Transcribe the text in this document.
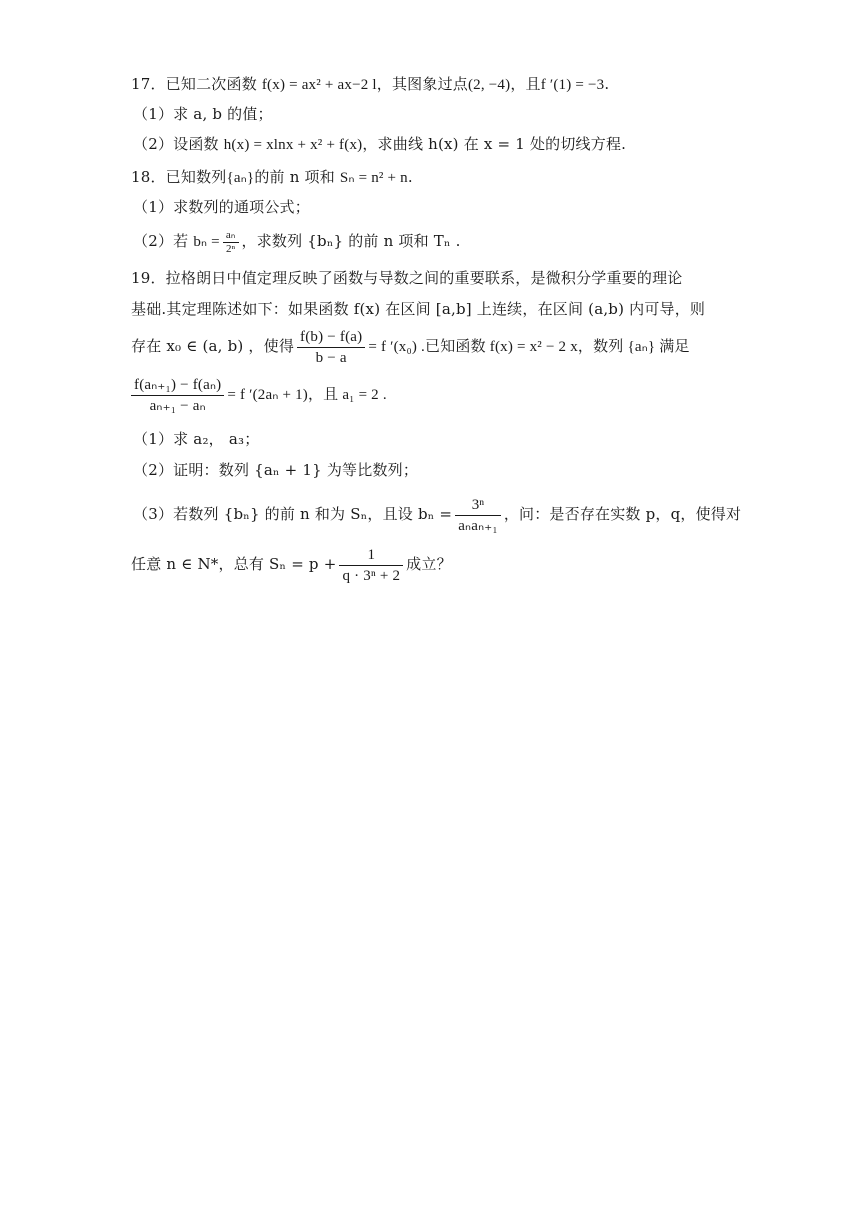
17．已知二次函数 f(x) = ax² + ax−2 l，其图象过点(2, −4)，且f ′(1) = −3.
（1）求 a, b 的值；
（2）设函数 h(x) = xlnx + x² + f(x)，求曲线 h(x) 在 x = 1 处的切线方程.
18．已知数列{aₙ}的前 n 项和 Sₙ = n² + n.
（1）求数列的通项公式；
（2）若 $b_n = \frac{\text{aₙ}}{\text{2ⁿ}}$ ，求数列 {bₙ} 的前 n 项和 Tₙ .
19．拉格朗日中值定理反映了函数与导数之间的重要联系，是微积分学重要的理论
基础.其定理陈述如下：如果函数 f(x) 在区间 [a,b] 上连续，在区间 (a,b) 内可导，则
存在 x₀ ∈ (a, b) ，使得 $\frac{f(b) - f(a)}{b - a} = f$ ′(x₀) .已知函数 f(x) = x² − 2 x，数列 {aₙ} 满足
$\frac{\text{f(aₙ₊₁) − f(aₙ)}}{\text{aₙ₊₁ − aₙ}} = f$ ′(2aₙ + 1)，且 a₁ = 2 .
（1）求 a₂， a₃；
（2）证明：数列 {aₙ + 1} 为等比数列；
（3）若数列 {bₙ} 的前 n 和为 Sₙ，且设 $b_n = \frac{\text{3ⁿ}}{\text{aₙaₙ₊₁}}$ ，问：是否存在实数 p，q，使得对
任意 n ∈ N*，总有 $S_n = p + \frac{1}{\text{q · 3ⁿ + 2}}$ 成立？
